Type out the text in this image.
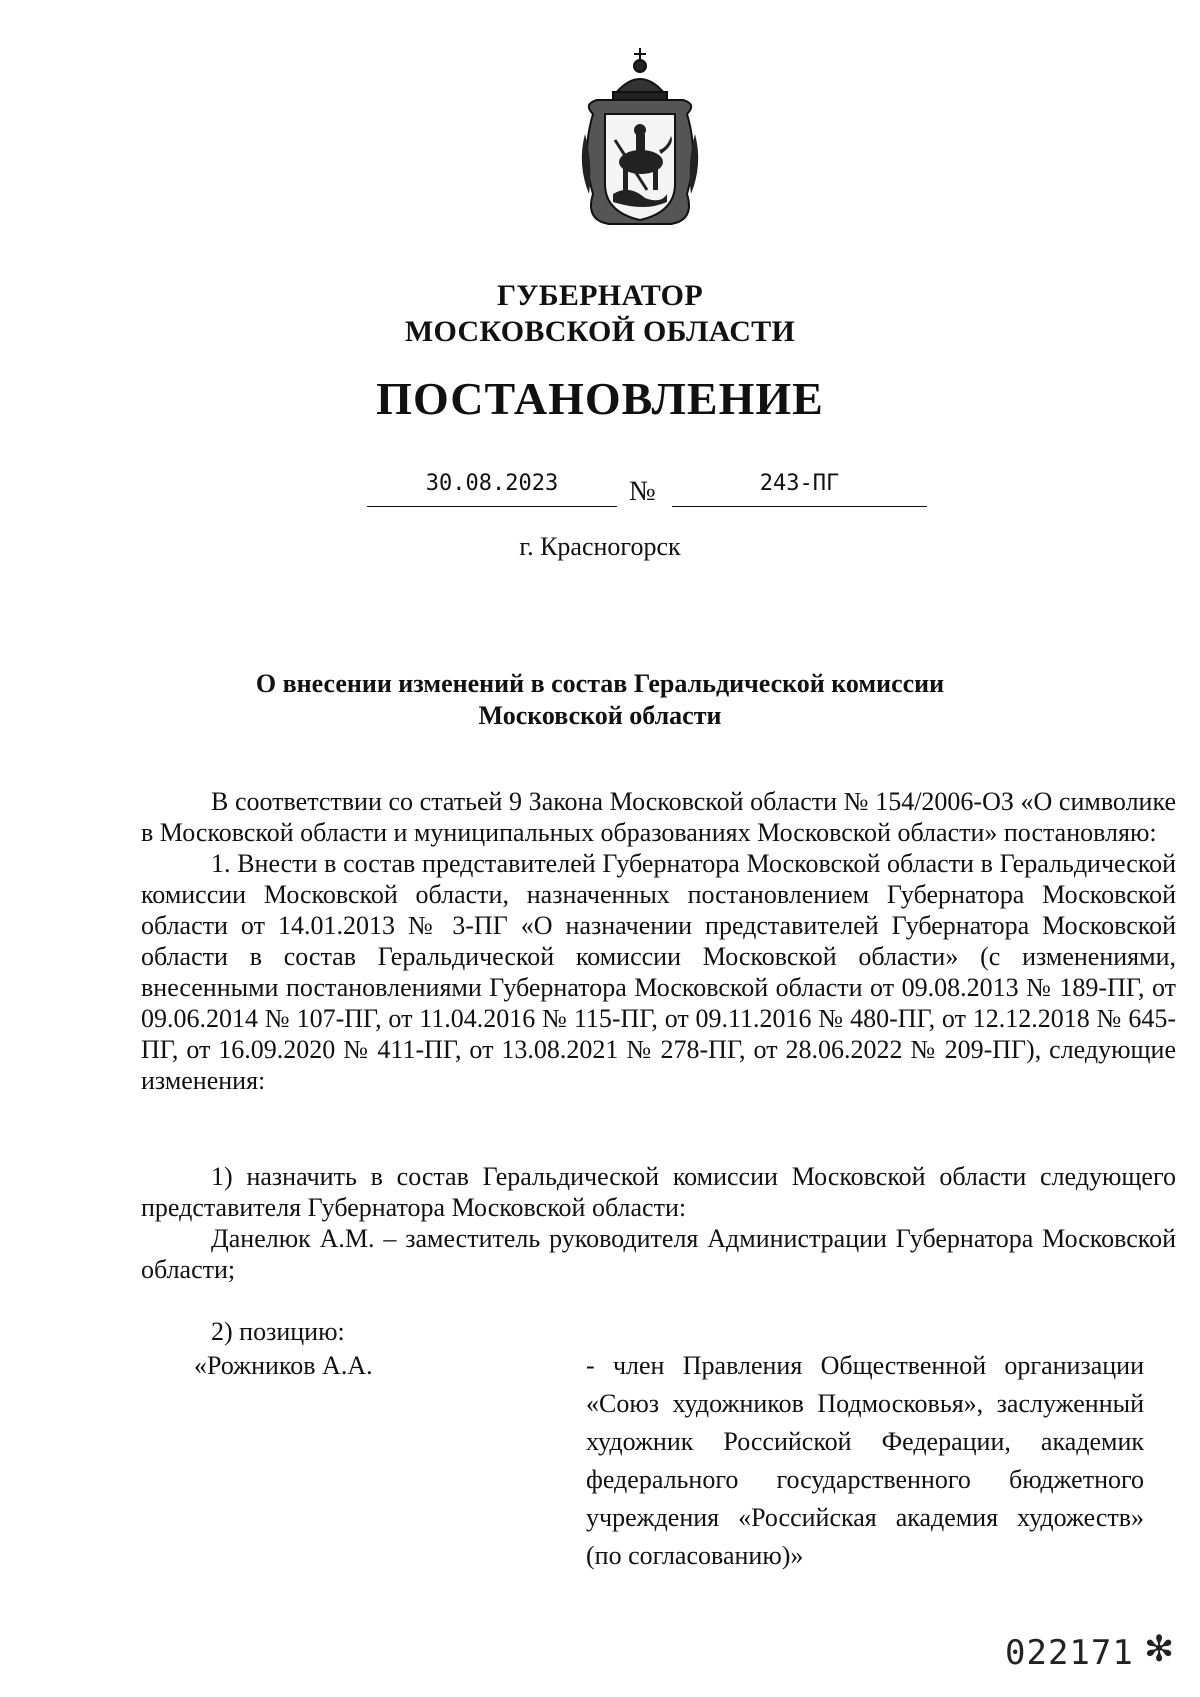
ГУБЕРНАТОР
МОСКОВСКОЙ ОБЛАСТИ
ПОСТАНОВЛЕНИЕ
30.08.2023	№	243-ПГ
г. Красногорск
О внесении изменений в состав Геральдической комиссии
Московской области

В соответствии со статьей 9 Закона Московской области № 154/2006-ОЗ «О символике в Московской области и муниципальных образованиях Московской области» постановляю:

1. Внести в состав представителей Губернатора Московской области в Геральдической комиссии Московской области, назначенных постановлением Губернатора Московской области от 14.01.2013 № 3-ПГ «О назначении представителей Губернатора Московской области в состав Геральдической комиссии Московской области» (с изменениями, внесенными постановлениями Губернатора Московской области от 09.08.2013 № 189-ПГ, от 09.06.2014 № 107-ПГ, от 11.04.2016 № 115-ПГ, от 09.11.2016 № 480-ПГ, от 12.12.2018 № 645-ПГ, от 16.09.2020 № 411-ПГ, от 13.08.2021 № 278-ПГ, от 28.06.2022 № 209-ПГ), следующие изменения:

1) назначить в состав Геральдической комиссии Московской области следующего представителя Губернатора Московской области:

Данелюк А.М. – заместитель руководителя Администрации Губернатора Московской области;

2) позицию:

«Рожников А.А.	- член Правления Общественной организации «Союз художников Подмосковья», заслуженный художник Российской Федерации, академик федерального государственного бюджетного учреждения «Российская академия художеств» (по согласованию)»

022171 ✻
